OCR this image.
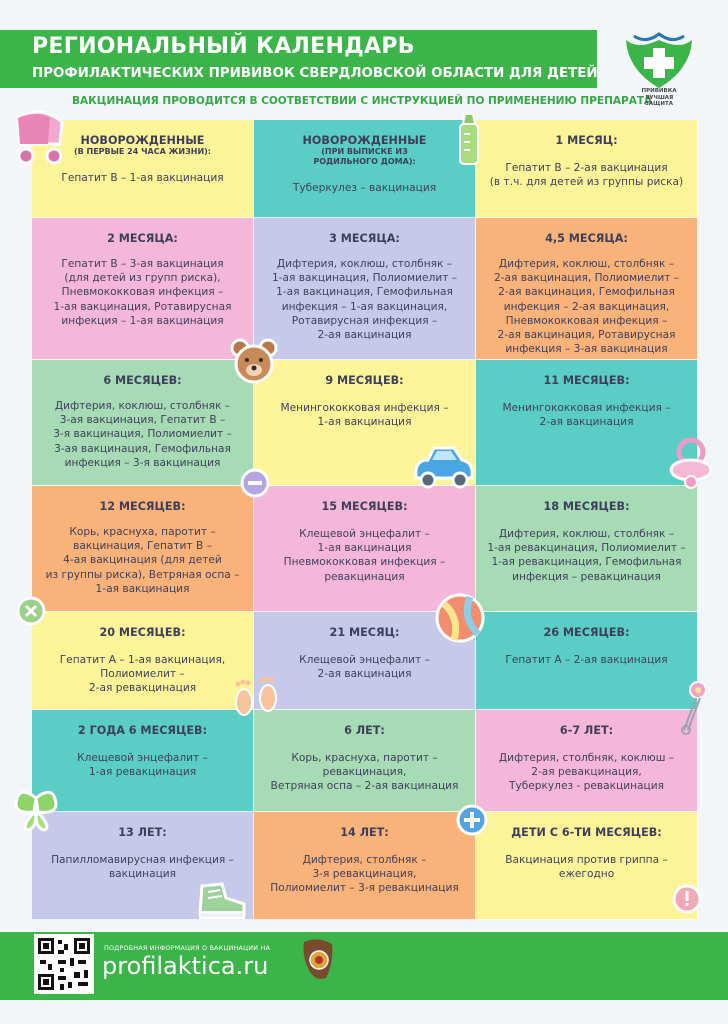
РЕГИОНАЛЬНЫЙ КАЛЕНДАРЬ
ПРОФИЛАКТИЧЕСКИХ ПРИВИВОК СВЕРДЛОВСКОЙ ОБЛАСТИ ДЛЯ ДЕТЕЙ
ВАКЦИНАЦИЯ ПРОВОДИТСЯ В СООТВЕТСТВИИ С ИНСТРУКЦИЕЙ ПО ПРИМЕНЕНИЮ ПРЕПАРАТА
ПРИВИВКА
ЛУЧШАЯ
ЗАЩИТА
НОВОРОЖДЕННЫЕ
(В ПЕРВЫЕ 24 ЧАСА ЖИЗНИ):
Гепатит В – 1-ая вакцинация
НОВОРОЖДЕННЫЕ
(ПРИ ВЫПИСКЕ ИЗ
РОДИЛЬНОГО ДОМА):
Туберкулез – вакцинация
1 МЕСЯЦ:
Гепатит В – 2-ая вакцинация
(в т.ч. для детей из группы риска)
2 МЕСЯЦА:
Гепатит В – 3-ая вакцинация
(для детей из групп риска),
Пневмококковая инфекция –
1-ая вакцинация, Ротавирусная
инфекция – 1-ая вакцинация
3 МЕСЯЦА:
Дифтерия, коклюш, столбняк –
1-ая вакцинация, Полиомиелит –
1-ая вакцинация, Гемофильная
инфекция – 1-ая вакцинация,
Ротавирусная инфекция –
2-ая вакцинация
4,5 МЕСЯЦА:
Дифтерия, коклюш, столбняк –
2-ая вакцинация, Полиомиелит –
2-ая вакцинация, Гемофильная
инфекция – 2-ая вакцинация,
Пневмококковая инфекция –
2-ая вакцинация, Ротавирусная
инфекция – 3-ая вакцинация
6 МЕСЯЦЕВ:
Дифтерия, коклюш, столбняк –
3-ая вакцинация, Гепатит В –
3-я вакцинация, Полиомиелит –
3-ая вакцинация, Гемофильная
инфекция – 3-я вакцинация
9 МЕСЯЦЕВ:
Менингококковая инфекция –
1-ая вакцинация
11 МЕСЯЦЕВ:
Менингококковая инфекция –
2-ая вакцинация
12 МЕСЯЦЕВ:
Корь, краснуха, паротит –
вакцинация, Гепатит В –
4-ая вакцинация (для детей
из группы риска), Ветряная оспа –
1-ая вакцинация
15 МЕСЯЦЕВ:
Клещевой энцефалит –
1-ая вакцинация
Пневмококковая инфекция –
ревакцинация
18 МЕСЯЦЕВ:
Дифтерия, коклюш, столбняк –
1-ая ревакцинация, Полиомиелит –
1-ая ревакцинация, Гемофильная
инфекция – ревакцинация
20 МЕСЯЦЕВ:
Гепатит А – 1-ая вакцинация,
Полиомиелит –
2-ая ревакцинация
21 МЕСЯЦ:
Клещевой энцефалит –
2-ая вакцинация
26 МЕСЯЦЕВ:
Гепатит А – 2-ая вакцинация
2 ГОДА 6 МЕСЯЦЕВ:
Клещевой энцефалит –
1-ая ревакцинация
6 ЛЕТ:
Корь, краснуха, паротит –
ревакцинация,
Ветряная оспа – 2-ая вакцинация
6-7 ЛЕТ:
Дифтерия, столбняк, коклюш –
2-ая ревакцинация,
Туберкулез - ревакцинация
13 ЛЕТ:
Папилломавирусная инфекция –
вакцинация
14 ЛЕТ:
Дифтерия, столбняк –
3-я ревакцинация,
Полиомиелит – 3-я ревакцинация
ДЕТИ С 6-ТИ МЕСЯЦЕВ:
Вакцинация против гриппа –
ежегодно
ПОДРОБНАЯ ИНФОРМАЦИЯ О ВАКЦИНАЦИИ НА
profilaktica.ru
